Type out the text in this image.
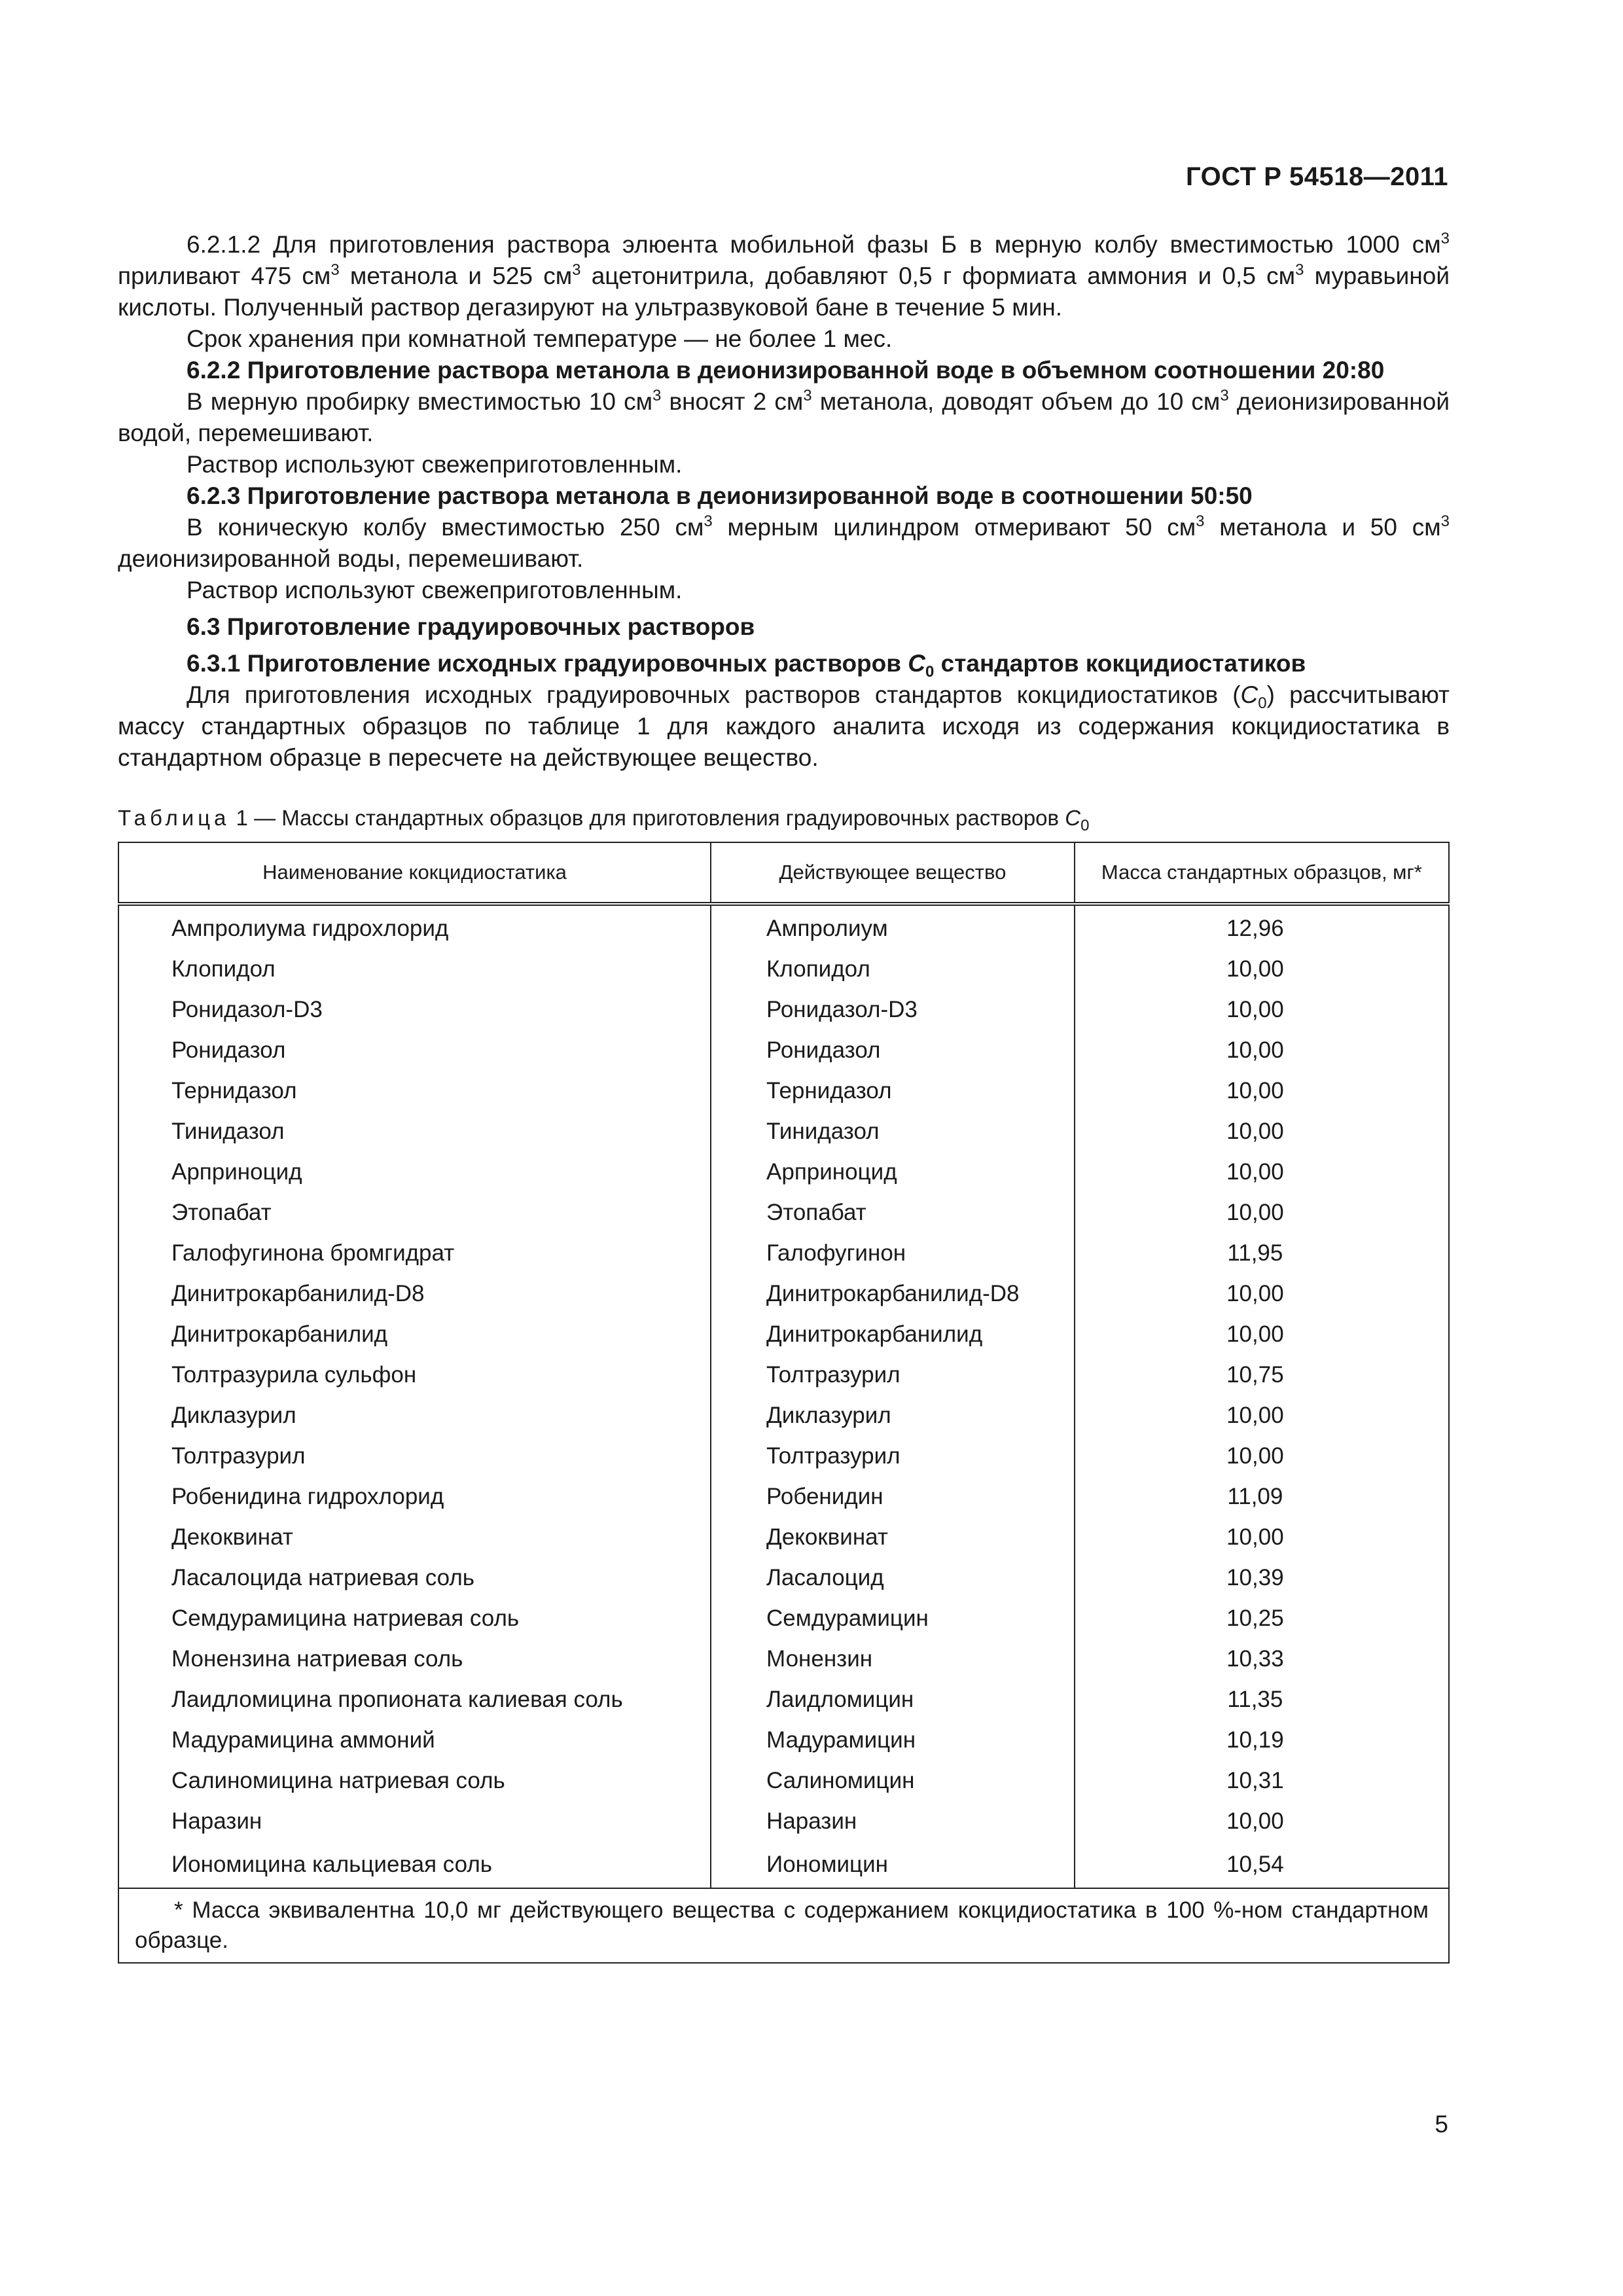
ГОСТ Р 54518—2011

6.2.1.2 Для приготовления раствора элюента мобильной фазы Б в мерную колбу вместимостью 1000 $см^3$ приливают 475 $см^3$ метанола и 525 $см^3$ ацетонитрила, добавляют 0,5 г формиата аммония и 0,5 $см^3$ муравьиной кислоты. Полученный раствор дегазируют на ультразвуковой бане в течение 5 мин.

Срок хранения при комнатной температуре — не более 1 мес.

6.2.2 Приготовление раствора метанола в деионизированной воде в объемном соотношении 20:80

В мерную пробирку вместимостью 10 $см^3$ вносят 2 $см^3$ метанола, доводят объем до 10 $см^3$ деионизированной водой, перемешивают.

Раствор используют свежеприготовленным.

6.2.3 Приготовление раствора метанола в деионизированной воде в соотношении 50:50

В коническую колбу вместимостью 250 $см^3$ мерным цилиндром отмеривают 50 $см^3$ метанола и 50 $см^3$ деионизированной воды, перемешивают.

Раствор используют свежеприготовленным.

6.3 Приготовление градуировочных растворов

6.3.1 Приготовление исходных градуировочных растворов $C_0$ стандартов кокцидиостатиков

Для приготовления исходных градуировочных растворов стандартов кокцидиостатиков $(C_0)$ рассчитывают массу стандартных образцов по таблице 1 для каждого аналита исходя из содержания кокцидиостатика в стандартном образце в пересчете на действующее вещество.

Таблица 1 — Массы стандартных образцов для приготовления градуировочных растворов $C_0$

Наименование кокцидиостатика	Действующее вещество	Масса стандартных образцов, мг*

Ампролиума гидрохлорид	Ампролиум	12,96
Клопидол	Клопидол	10,00
Ронидазол-D3	Ронидазол-D3	10,00
Ронидазол	Ронидазол	10,00
Тернидазол	Тернидазол	10,00
Тинидазол	Тинидазол	10,00
Арприноцид	Арприноцид	10,00
Этопабат	Этопабат	10,00
Галофугинона бромгидрат	Галофугинон	11,95
Динитрокарбанилид-D8	Динитрокарбанилид-D8	10,00
Динитрокарбанилид	Динитрокарбанилид	10,00
Толтразурила сульфон	Толтразурил	10,75
Диклазурил	Диклазурил	10,00
Толтразурил	Толтразурил	10,00
Робенидина гидрохлорид	Робенидин	11,09
Декоквинат	Декоквинат	10,00
Ласалоцида натриевая соль	Ласалоцид	10,39
Семдурамицина натриевая соль	Семдурамицин	10,25
Монензина натриевая соль	Монензин	10,33
Лаидломицина пропионата калиевая соль	Лаидломицин	11,35
Мадурамицина аммоний	Мадурамицин	10,19
Салиномицина натриевая соль	Салиномицин	10,31
Наразин	Наразин	10,00
Иономицина кальциевая соль	Иономицин	10,54

* Масса эквивалентна 10,0 мг действующего вещества с содержанием кокцидиостатика в 100 %-ном стандартном образце.		
5
